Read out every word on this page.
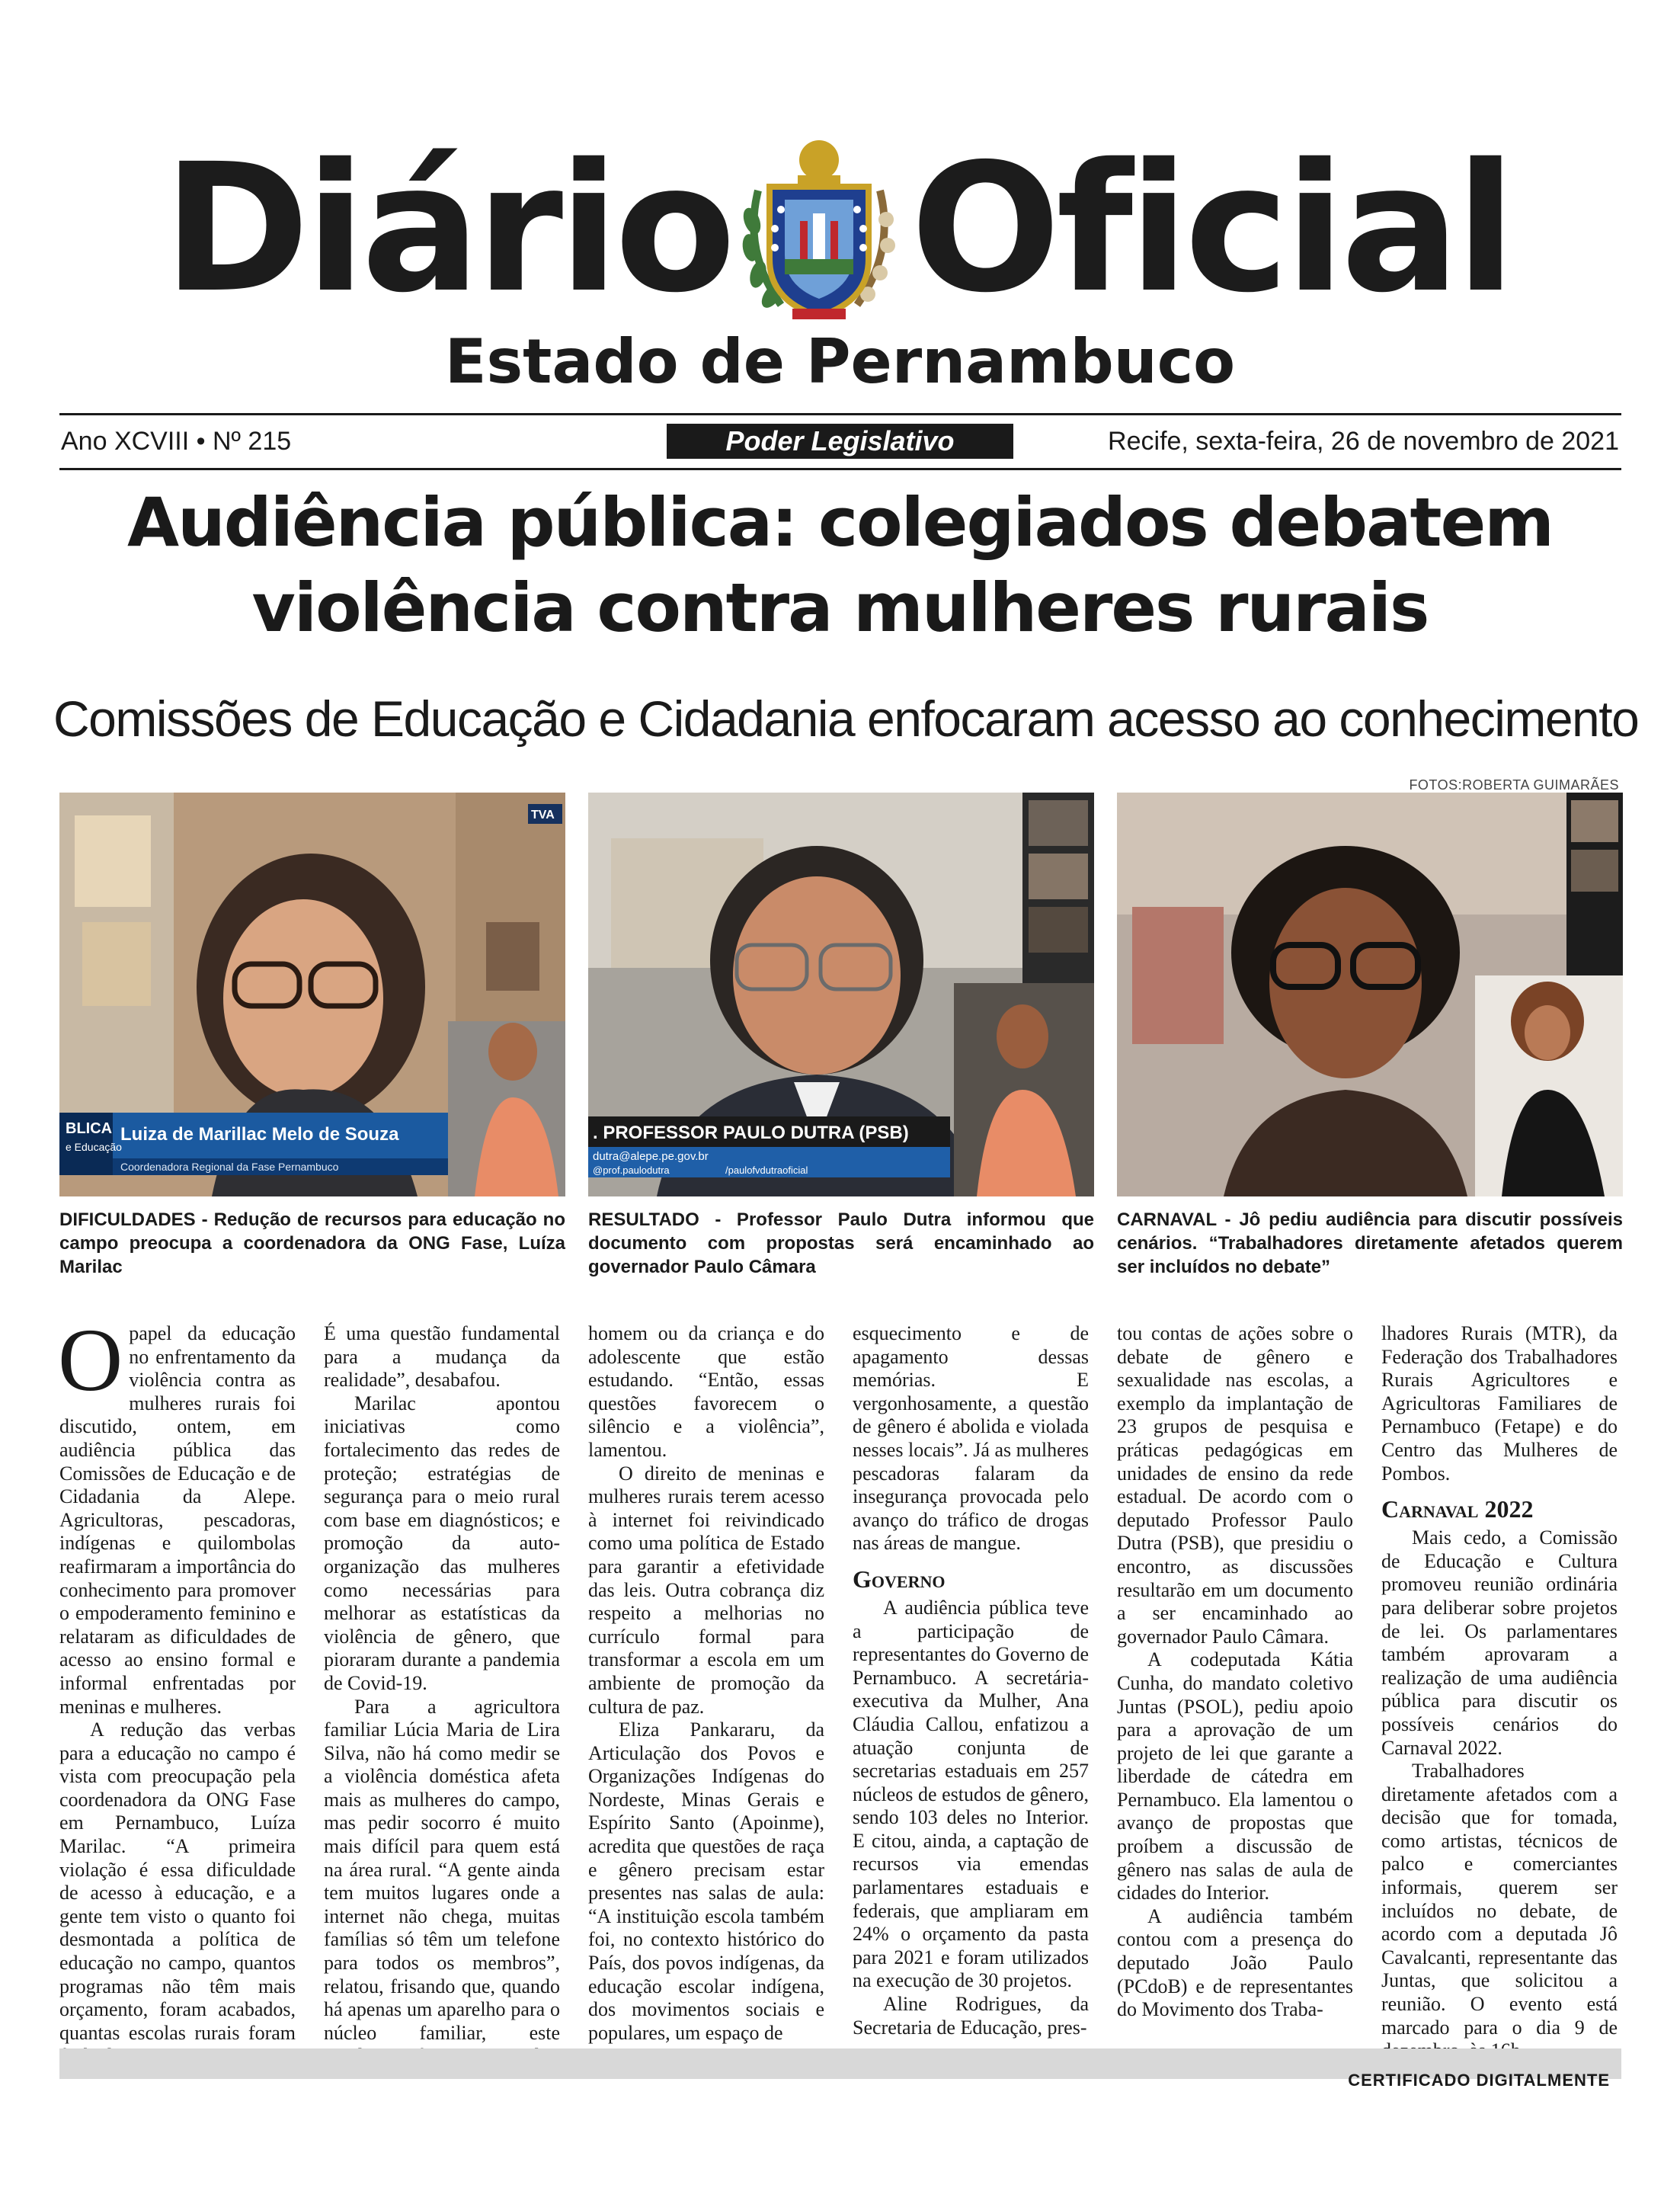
Diário Oficial
Estado de Pernambuco
Ano XCVIII • Nº 215	Poder Legislativo	Recife, sexta-feira, 26 de novembro de 2021
Audiência pública: colegiados debatem
violência contra mulheres rurais
Comissões de Educação e Cidadania enfocaram acesso ao conhecimento
FOTOS:ROBERTA GUIMARÃES
BLICA
e Educação
Luiza de Marillac Melo de Souza
Coordenadora Regional da Fase Pernambuco
TVA
. PROFESSOR PAULO DUTRA (PSB)
dutra@alepe.pe.gov.br
@prof.paulodutra	/paulofvdutraoficial
DIFICULDADES - Redução de recursos para educação no campo preocupa a coordenadora da ONG Fase, Luíza Marilac
RESULTADO - Professor Paulo Dutra informou que documento com propostas será encaminhado ao governador Paulo Câmara
CARNAVAL - Jô pediu audiência para discutir possíveis cenários. “Trabalhadores diretamente afetados querem ser incluídos no debate”

Opapel da educação no enfrentamento da violência contra as mulheres rurais foi discutido, ontem, em audiência pública das Comissões de Educação e de Cidadania da Alepe. Agricultoras, pescadoras, indígenas e quilombolas reafirmaram a importância do conhecimento para promover o empoderamento feminino e relataram as dificuldades de acesso ao ensino formal e informal enfrentadas por meninas e mulheres.

A redução das verbas para a educação no campo é vista com preocupação pela coordenadora da ONG Fase em Pernambuco, Luíza Marilac. “A primeira violação é essa dificuldade de acesso à educação, e a gente tem visto o quanto foi desmontada a política de educação no campo, quantos programas não têm mais orçamento, foram acabados, quantas escolas rurais foram

É uma questão fundamental para a mudança da realidade”, desabafou.

Marilac apontou iniciativas como fortalecimento das redes de proteção; estratégias de segurança para o meio rural com base em diagnósticos; e promoção da auto-organização das mulheres como necessárias para melhorar as estatísticas da violência de gênero, que pioraram durante a pandemia de Covid-19.

Para a agricultora familiar Lúcia Maria de Lira Silva, não há como medir se a violência doméstica afeta mais as mulheres do campo, mas pedir socorro é muito mais difícil para quem está na área rural. “A gente ainda tem muitos lugares onde a internet não chega, muitas famílias só têm um telefone para todos os membros”, relatou, frisando que, quando há apenas um aparelho para o núcleo familiar, este

homem ou da criança e do adolescente que estão estudando. “Então, essas questões favorecem o silêncio e a violência”, lamentou.

O direito de meninas e mulheres rurais terem acesso à internet foi reivindicado como uma política de Estado para garantir a efetividade das leis. Outra cobrança diz respeito a melhorias no currículo formal para transformar a escola em um ambiente de promoção da cultura de paz.

Eliza Pankararu, da Articulação dos Povos e Organizações Indígenas do Nordeste, Minas Gerais e Espírito Santo (Apoinme), acredita que questões de raça e gênero precisam estar presentes nas salas de aula: “A instituição escola também foi, no contexto histórico do País, dos povos indígenas, da educação escolar indígena, dos movimentos sociais e populares, um espaço de

esquecimento e de apagamento dessas memórias. E vergonhosamente, a questão de gênero é abolida e violada nesses locais”. Já as mulheres pescadoras falaram da insegurança provocada pelo avanço do tráfico de drogas nas áreas de mangue.

Governo

A audiência pública teve a participação de representantes do Governo de Pernambuco. A secretária-executiva da Mulher, Ana Cláudia Callou, enfatizou a atuação conjunta de secretarias estaduais em 257 núcleos de estudos de gênero, sendo 103 deles no Interior. E citou, ainda, a captação de recursos via emendas parlamentares estaduais e federais, que ampliaram em 24% o orçamento da pasta para 2021 e foram utilizados na execução de 30 projetos.

Aline Rodrigues, da Secretaria de Educação, pres-

tou contas de ações sobre o debate de gênero e sexualidade nas escolas, a exemplo da implantação de 23 grupos de pesquisa e práticas pedagógicas em unidades de ensino da rede estadual. De acordo com o deputado Professor Paulo Dutra (PSB), que presidiu o encontro, as discussões resultarão em um documento a ser encaminhado ao governador Paulo Câmara.

A codeputada Kátia Cunha, do mandato coletivo Juntas (PSOL), pediu apoio para a aprovação de um projeto de lei que garante a liberdade de cátedra em Pernambuco. Ela lamentou o avanço de propostas que proíbem a discussão de gênero nas salas de aula de cidades do Interior.

A audiência também contou com a presença do deputado João Paulo (PCdoB) e de representantes do Movimento dos Traba-

lhadores Rurais (MTR), da Federação dos Trabalhadores Rurais Agricultores e Agricultoras Familiares de Pernambuco (Fetape) e do Centro das Mulheres de Pombos.

Carnaval 2022

Mais cedo, a Comissão de Educação e Cultura promoveu reunião ordinária para deliberar sobre projetos de lei. Os parlamentares também aprovaram a realização de uma audiência pública para discutir os possíveis cenários do Carnaval 2022.

Trabalhadores diretamente afetados com a decisão que for tomada, como artistas, técnicos de palco e comerciantes informais, querem ser incluídos no debate, de acordo com a deputada Jô Cavalcanti, representante das Juntas, que solicitou a reunião. O evento está marcado para o dia 9 de

CERTIFICADO DIGITALMENTE
